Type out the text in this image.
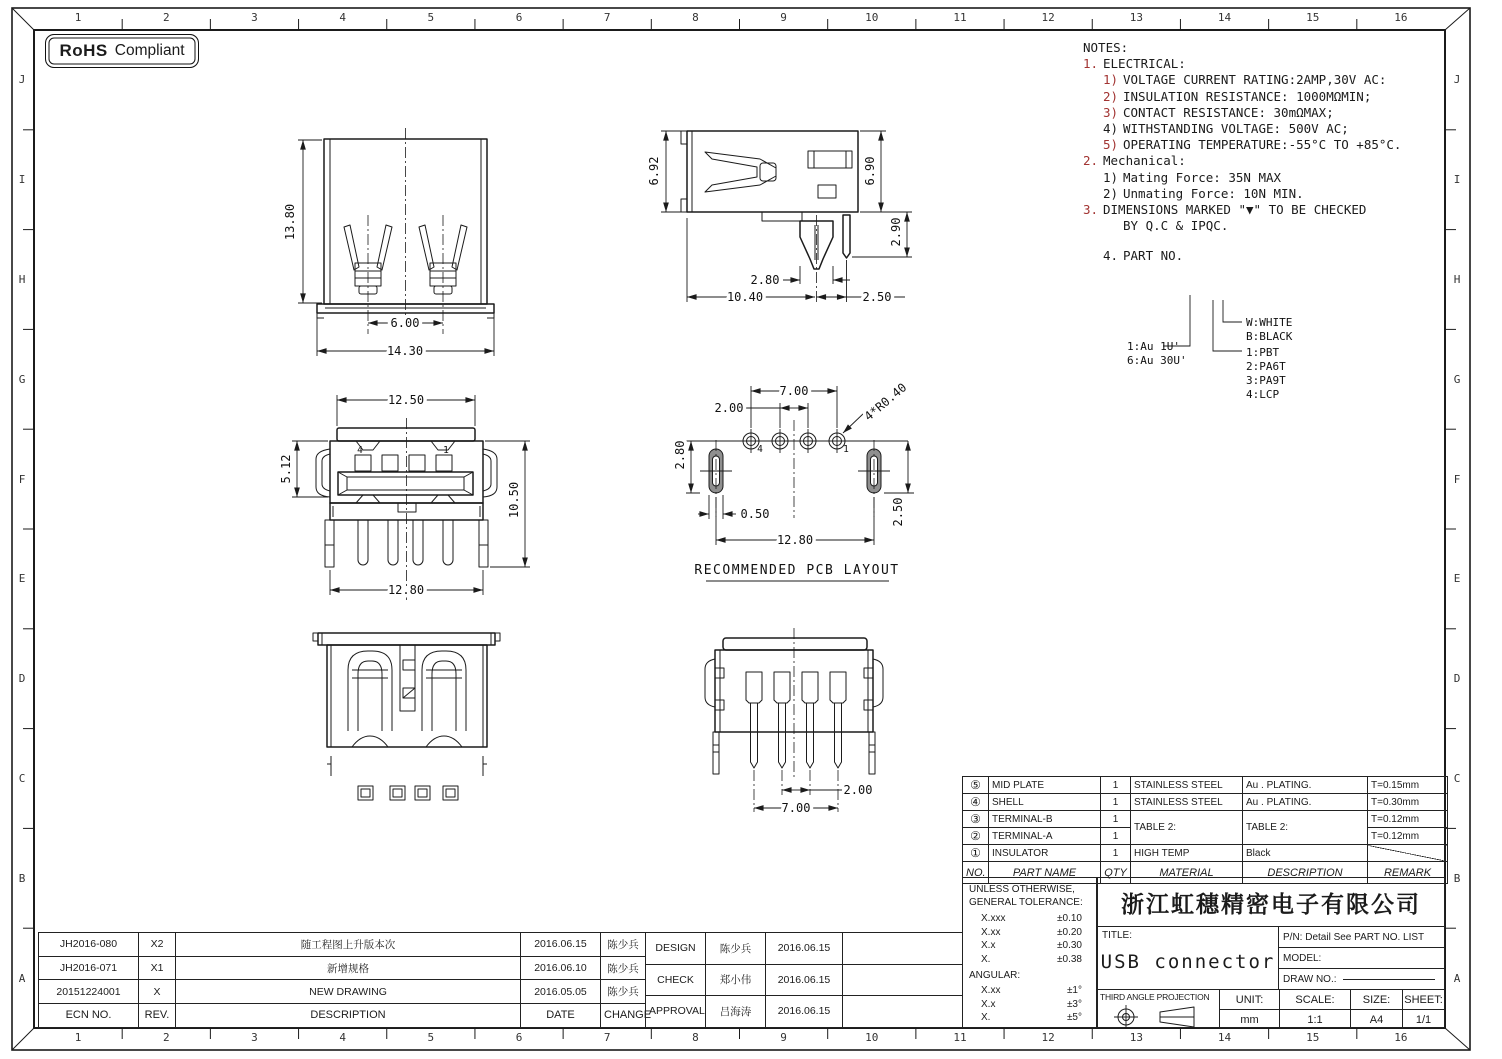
1	2	3	4	5	6	7	8	9	10	11	12	13	14	15	16
1	2	3	4	5	6	7	8	9	10	11	12	13	14	15	16
J
I
H
G
F
E
D
C
B
A
J
I
H
G
F
E
D
C
B
A
RoHS Compliant	NOTES:
1. ELECTRICAL:
1) VOLTAGE CURRENT RATING:2AMP,30V AC:
2) INSULATION RESISTANCE: 1000MΩMIN;
3) CONTACT RESISTANCE: 30mΩMAX;
4) WITHSTANDING VOLTAGE: 500V AC;
5) OPERATING TEMPERATURE:-55°C TO +85°C.
2. Mechanical:
1) Mating Force: 35N MAX
2) Unmating Force: 10N MIN.
3. DIMENSIONS MARKED "▼" TO BE CHECKED
BY Q.C & IPQC.
4. PART NO.
1:Au 1U'
6:Au 30U'
W:WHITE
B:BLACK
1:PBT
2:PA6T
3:PA9T
4:LCP
13.80
6.00
14.30
6.92	6.90
2.90
2.80
10.40	2.50
4	1
12.50
5.12
10.50
12.80
4	1
7.00
2.00
2.80
2.50
0.50
12.80
4*R0.40
RECOMMENDED PCB LAYOUT
2.00
7.00
⑤	MID PLATE	1	STAINLESS STEEL	Au . PLATING.	T=0.15mm
④	SHELL	1	STAINLESS STEEL	Au . PLATING.	T=0.30mm
③	TERMINAL-B	1	TABLE 2:	TABLE 2:	T=0.12mm
②	TERMINAL-A	1			T=0.12mm
①	INSULATOR	1	HIGH TEMP	Black	
NO.	PART NAME	QTY	MATERIAL	DESCRIPTION	REMARK
UNLESS OTHERWISE,
GENERAL TOLERANCE:
X.xxx	±0.10
X.xx	±0.20
X.x	±0.30
X.	±0.38
ANGULAR:
X.xx	±1°
X.x	±3°
X.	±5°
浙江虹穗精密电子有限公司
TITLE:
USB connector
P/N: Detail See PART NO. LIST
MODEL:
DRAW NO.:
THIRD ANGLE PROJECTION	UNIT:
mm
SCALE:
1:1
SIZE:
A4
SHEET:
1/1
JH2016-080	X2	随工程图上升版本次	2016.06.15	陈少兵
JH2016-071	X1	新增规格	2016.06.10	陈少兵
20151224001	X	NEW DRAWING	2016.05.05	陈少兵
ECN NO.	REV.	DESCRIPTION	DATE	CHANGE
DESIGN	陈少兵	2016.06.15	
CHECK	郑小伟	2016.06.15	
APPROVAL	吕海涛	2016.06.15	
